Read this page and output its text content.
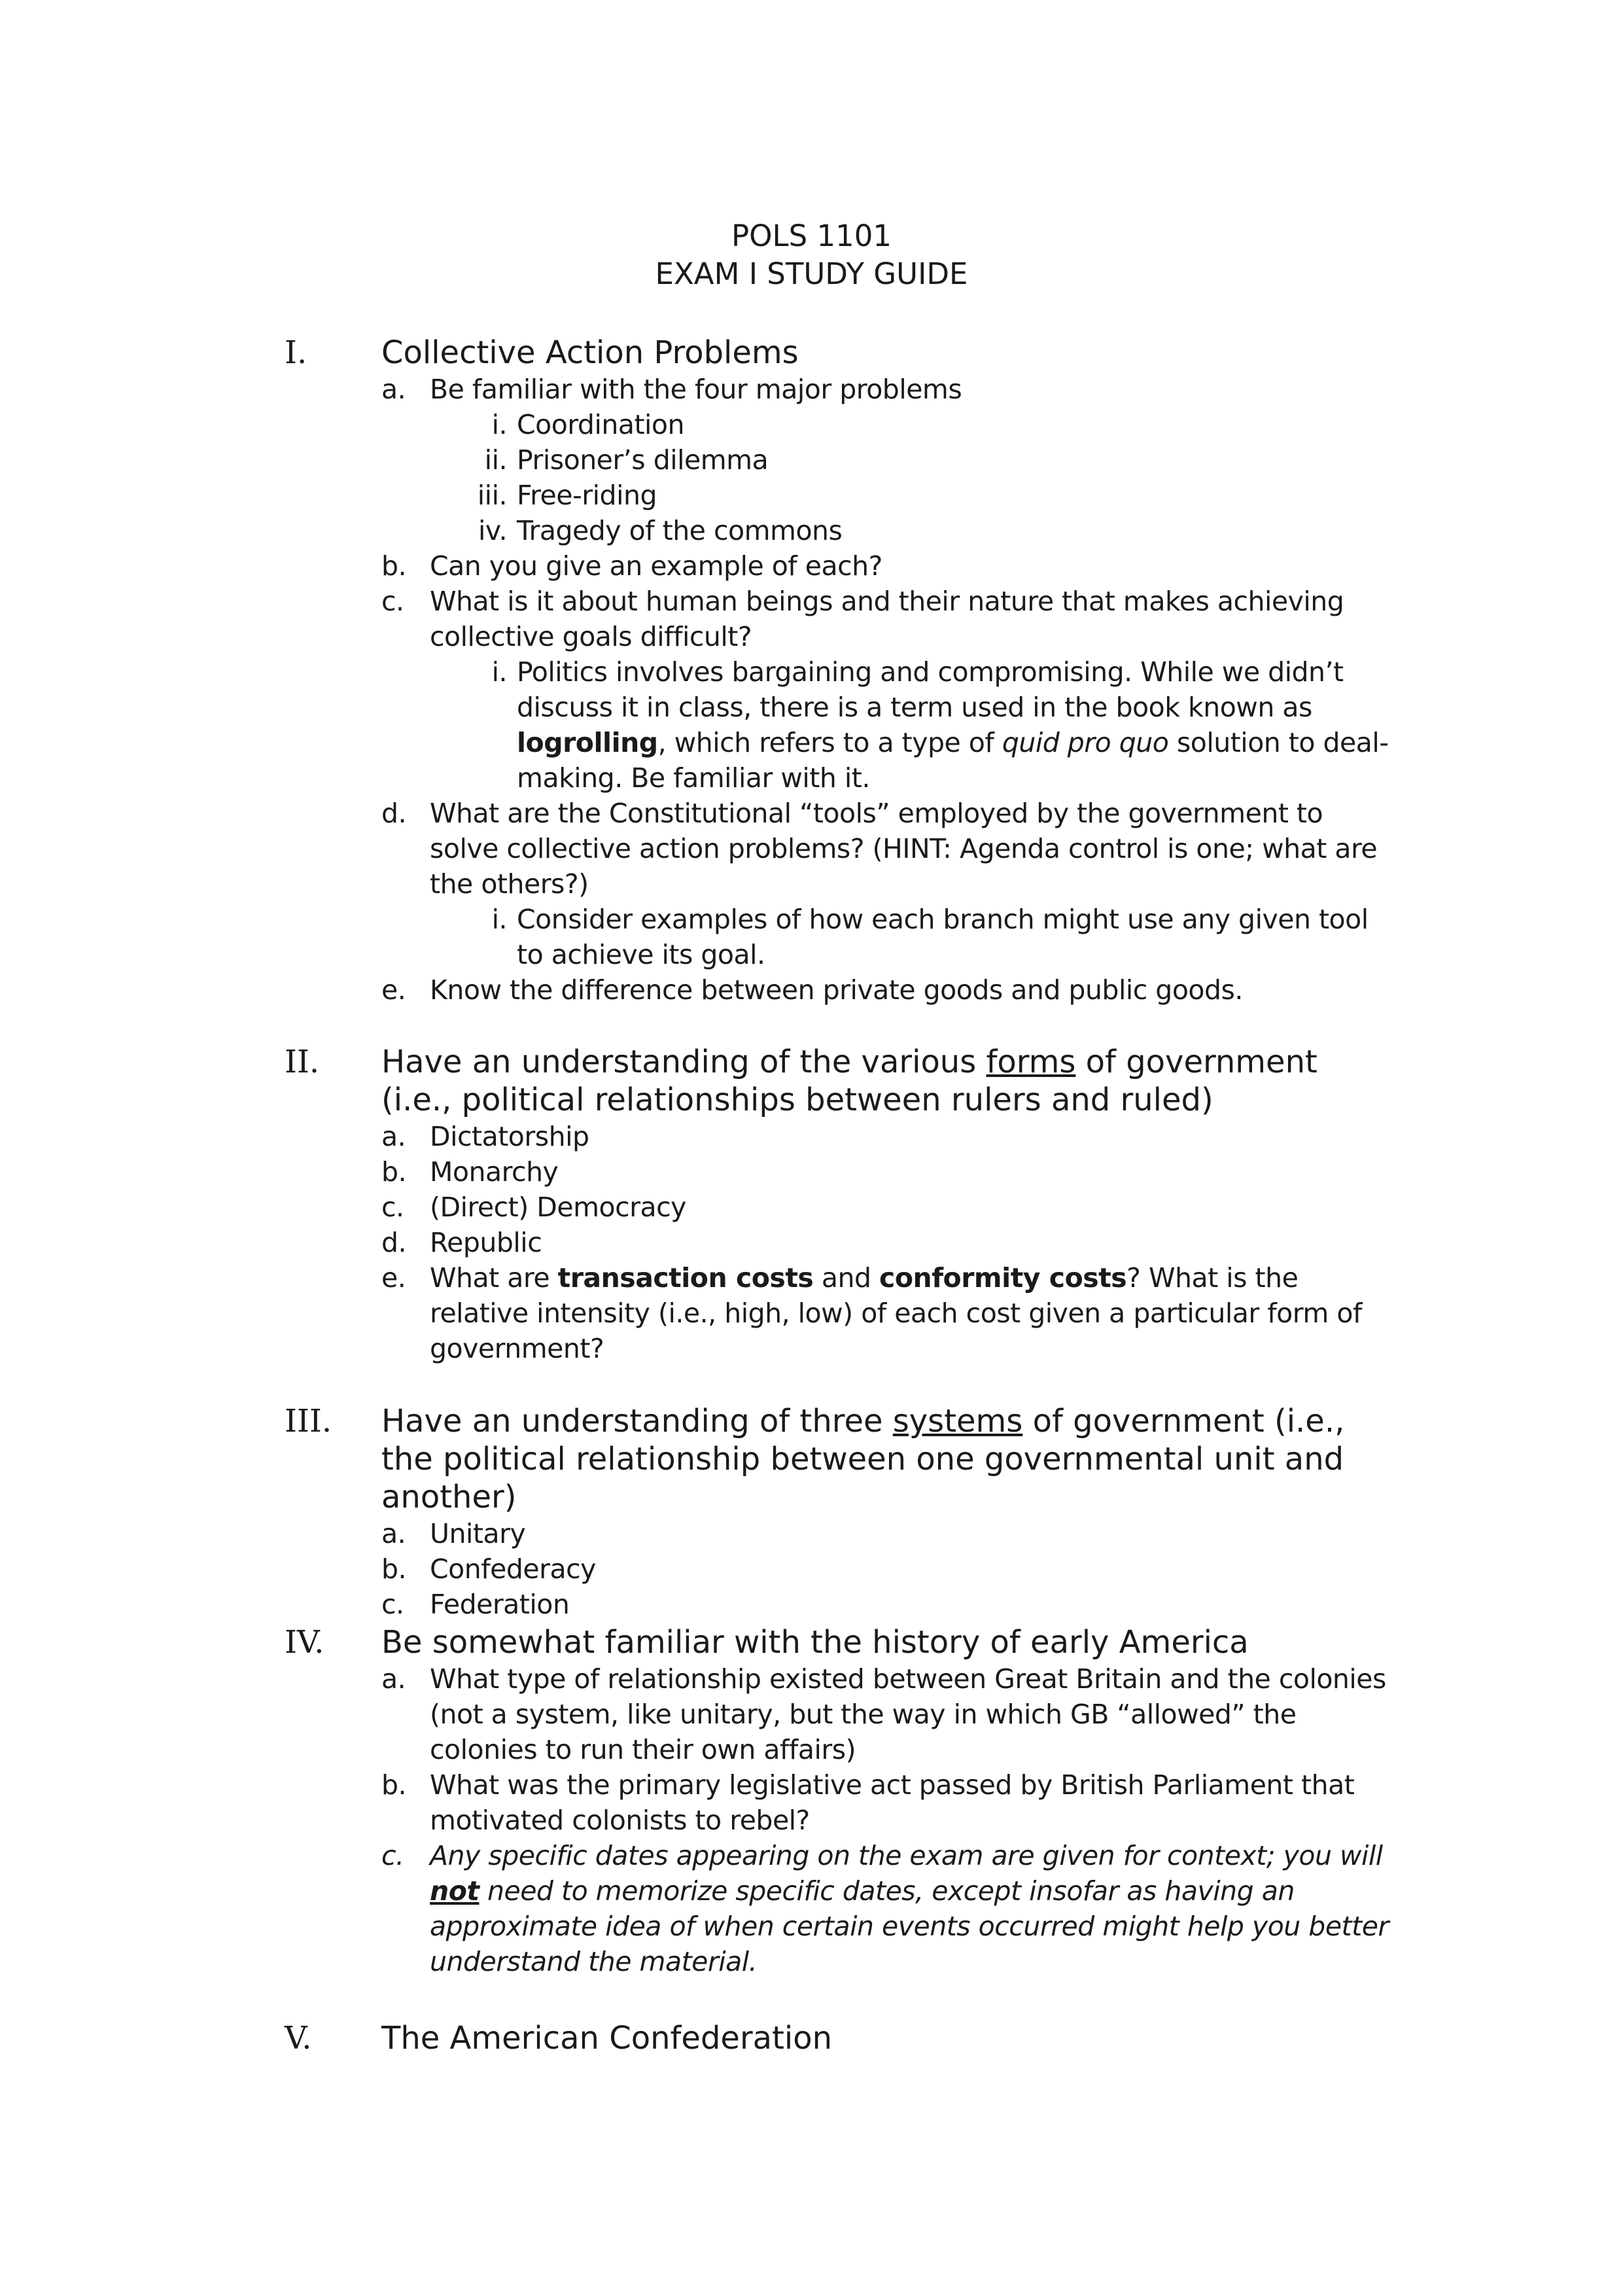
POLS 1101
EXAM I STUDY GUIDE
I. Collective Action Problems
a. Be familiar with the four major problems
i. Coordination
ii. Prisoner’s dilemma
iii. Free-riding
iv. Tragedy of the commons
b. Can you give an example of each?
c. What is it about human beings and their nature that makes achieving collective goals difficult?
i. Politics involves bargaining and compromising. While we didn’t discuss it in class, there is a term used in the book known as logrolling, which refers to a type of quid pro quo solution to deal-making. Be familiar with it.
d. What are the Constitutional “tools” employed by the government to solve collective action problems? (HINT: Agenda control is one; what are the others?)
i. Consider examples of how each branch might use any given tool to achieve its goal.
e. Know the difference between private goods and public goods.
II. Have an understanding of the various forms of government (i.e., political relationships between rulers and ruled)
a. Dictatorship
b. Monarchy
c. (Direct) Democracy
d. Republic
e. What are transaction costs and conformity costs? What is the relative intensity (i.e., high, low) of each cost given a particular form of government?
III. Have an understanding of three systems of government (i.e., the political relationship between one governmental unit and another)
a. Unitary
b. Confederacy
c. Federation
IV. Be somewhat familiar with the history of early America
a. What type of relationship existed between Great Britain and the colonies (not a system, like unitary, but the way in which GB “allowed” the colonies to run their own affairs)
b. What was the primary legislative act passed by British Parliament that motivated colonists to rebel?
c. Any specific dates appearing on the exam are given for context; you will not need to memorize specific dates, except insofar as having an approximate idea of when certain events occurred might help you better understand the material.
V. The American Confederation
